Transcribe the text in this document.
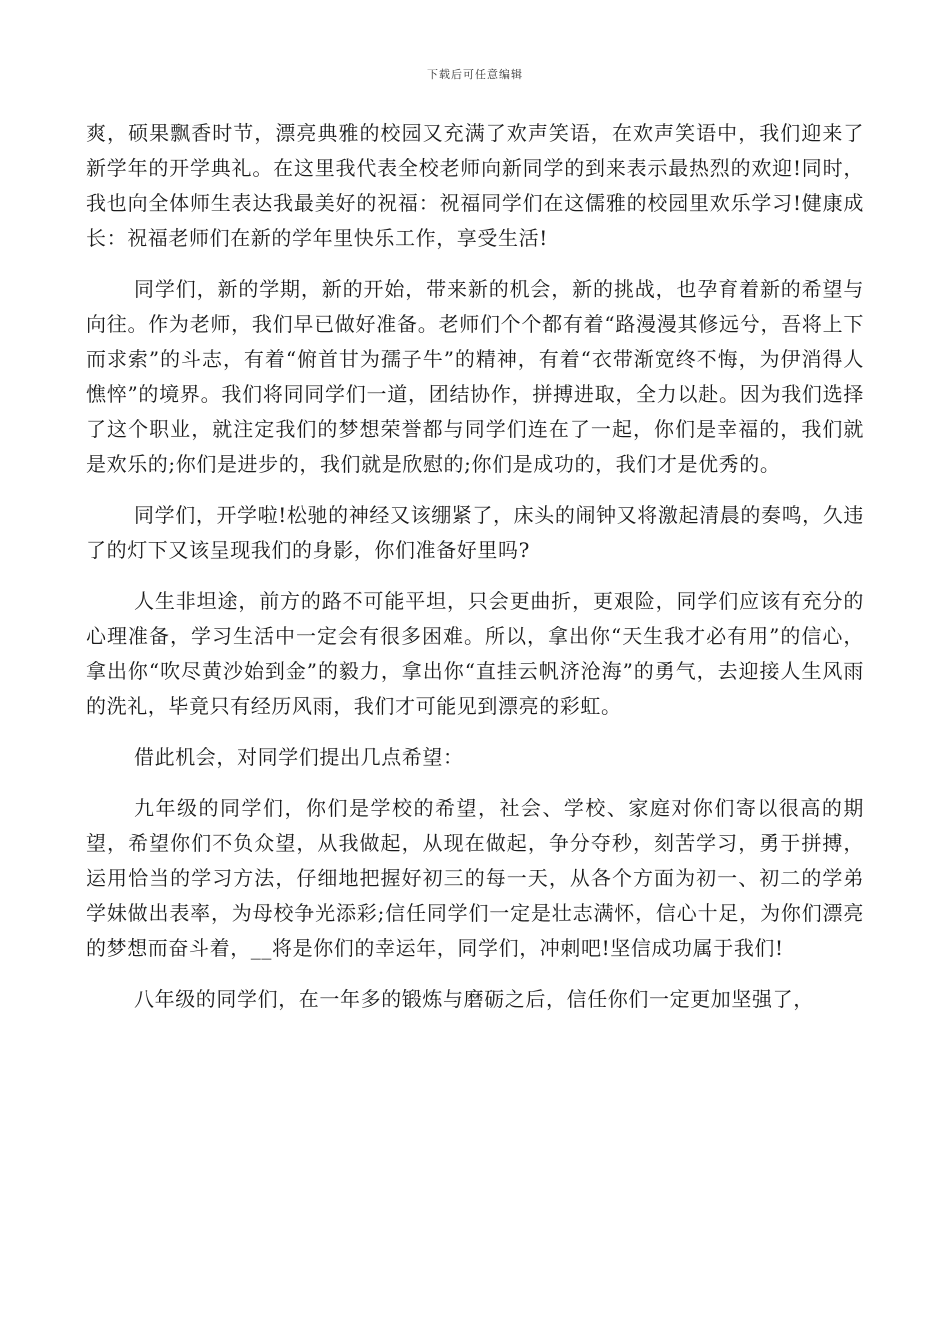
下载后可任意编辑

爽，硕果飘香时节，漂亮典雅的校园又充满了欢声笑语，在欢声笑语中，我们迎来了新学年的开学典礼。在这里我代表全校老师向新同学的到来表示最热烈的欢迎!同时，我也向全体师生表达我最美好的祝福：祝福同学们在这儒雅的校园里欢乐学习!健康成长：祝福老师们在新的学年里快乐工作，享受生活!

同学们，新的学期，新的开始，带来新的机会，新的挑战，也孕育着新的希望与向往。作为老师，我们早已做好准备。老师们个个都有着“路漫漫其修远兮，吾将上下而求索”的斗志，有着“俯首甘为孺子牛”的精神，有着“衣带渐宽终不悔，为伊消得人憔悴”的境界。我们将同同学们一道，团结协作，拼搏进取，全力以赴。因为我们选择了这个职业，就注定我们的梦想荣誉都与同学们连在了一起，你们是幸福的，我们就是欢乐的;你们是进步的，我们就是欣慰的;你们是成功的，我们才是优秀的。

同学们，开学啦!松驰的神经又该绷紧了，床头的闹钟又将激起清晨的奏鸣，久违了的灯下又该呈现我们的身影，你们准备好里吗?

人生非坦途，前方的路不可能平坦，只会更曲折，更艰险，同学们应该有充分的心理准备，学习生活中一定会有很多困难。所以，拿出你“天生我才必有用”的信心，拿出你“吹尽黄沙始到金”的毅力，拿出你“直挂云帆济沧海”的勇气，去迎接人生风雨的洗礼，毕竟只有经历风雨，我们才可能见到漂亮的彩虹。

借此机会，对同学们提出几点希望：

九年级的同学们，你们是学校的希望，社会、学校、家庭对你们寄以很高的期望，希望你们不负众望，从我做起，从现在做起，争分夺秒，刻苦学习，勇于拼搏，运用恰当的学习方法，仔细地把握好初三的每一天，从各个方面为初一、初二的学弟学妹做出表率，为母校争光添彩;信任同学们一定是壮志满怀，信心十足，为你们漂亮的梦想而奋斗着，__将是你们的幸运年，同学们，冲刺吧!坚信成功属于我们!

八年级的同学们，在一年多的锻炼与磨砺之后，信任你们一定更加坚强了，
